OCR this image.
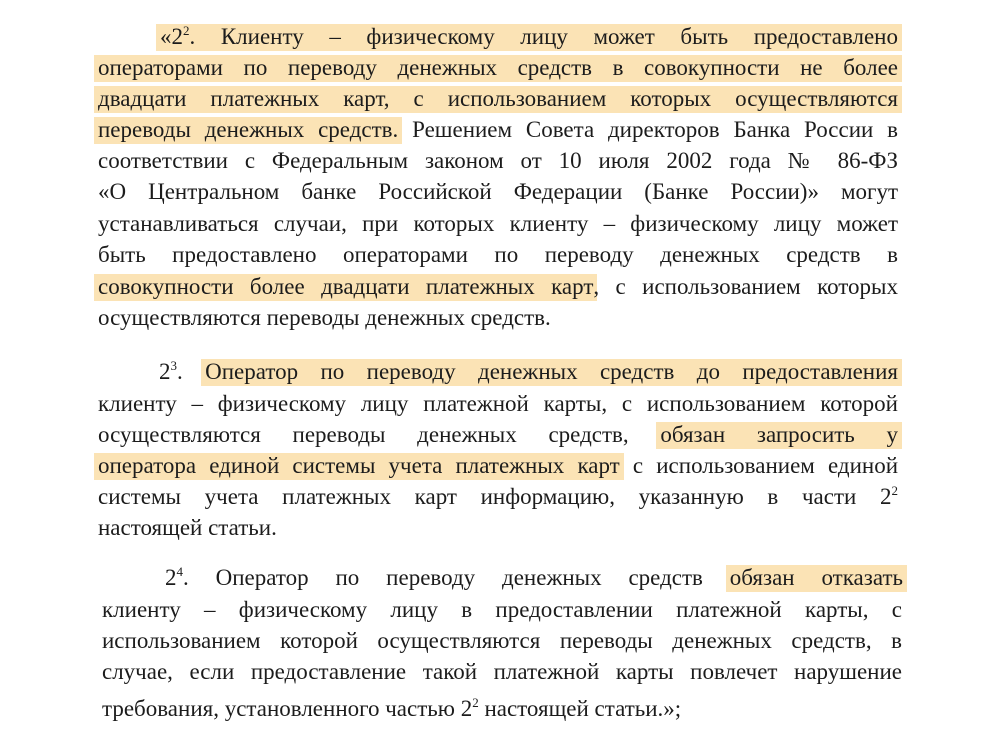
«$2^2$. Клиенту – физическому лицу может быть предоставлено
операторами по переводу денежных средств в совокупности не более
двадцати платежных карт, с использованием которых осуществляются
переводы денежных средств. Решением Совета директоров Банка России в
соответствии с Федеральным законом от 10 июля 2002 года № 86-ФЗ
«О Центральном банке Российской Федерации (Банке России)» могут
устанавливаться случаи, при которых клиенту – физическому лицу может
быть предоставлено операторами по переводу денежных средств в
совокупности более двадцати платежных карт, с использованием которых
осуществляются переводы денежных средств.
$2^3$. Оператор по переводу денежных средств до предоставления
клиенту – физическому лицу платежной карты, с использованием которой
осуществляются переводы денежных средств, обязан запросить у
оператора единой системы учета платежных карт с использованием единой
системы учета платежных карт информацию, указанную в части $2^2$
настоящей статьи.
$2^4$. Оператор по переводу денежных средств обязан отказать
клиенту – физическому лицу в предоставлении платежной карты, с
использованием которой осуществляются переводы денежных средств, в
случае, если предоставление такой платежной карты повлечет нарушение
требования, установленного частью $2^2$ настоящей статьи.»;
